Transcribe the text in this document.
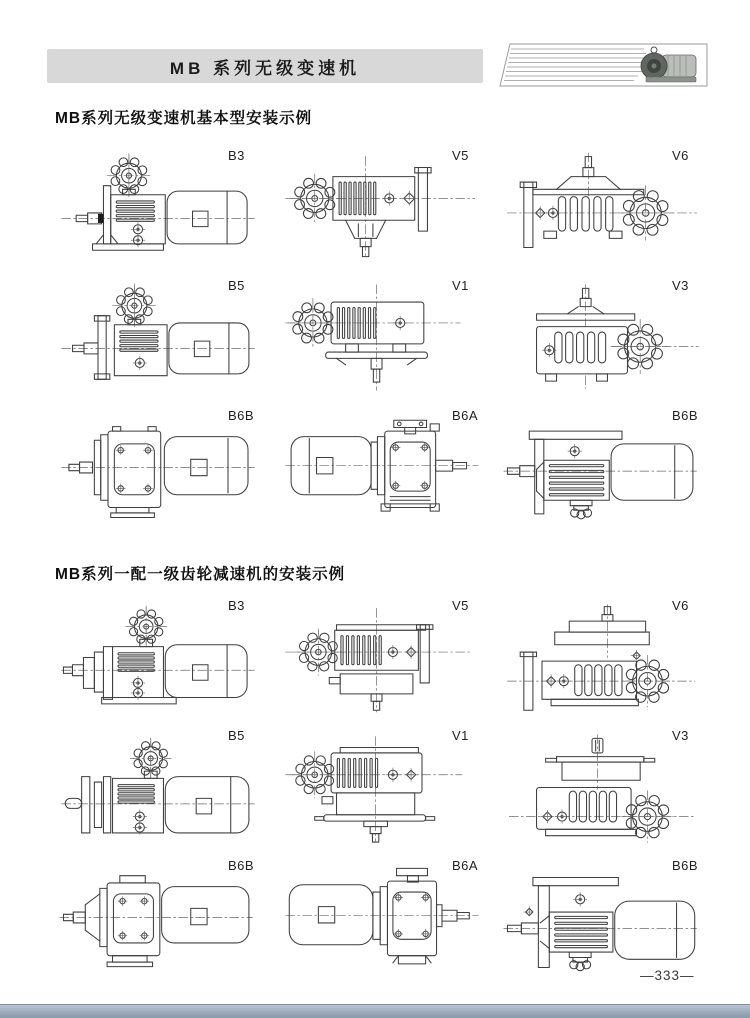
MB 系列无级变速机
MB系列无级变速机基本型安装示例
B3	V5	V6
B5	V1	V3
B6B	B6A	B6B
MB系列一配一级齿轮减速机的安装示例
B3	V5	V6
B5	V1	V3
B6B	B6A	B6B
—333—
